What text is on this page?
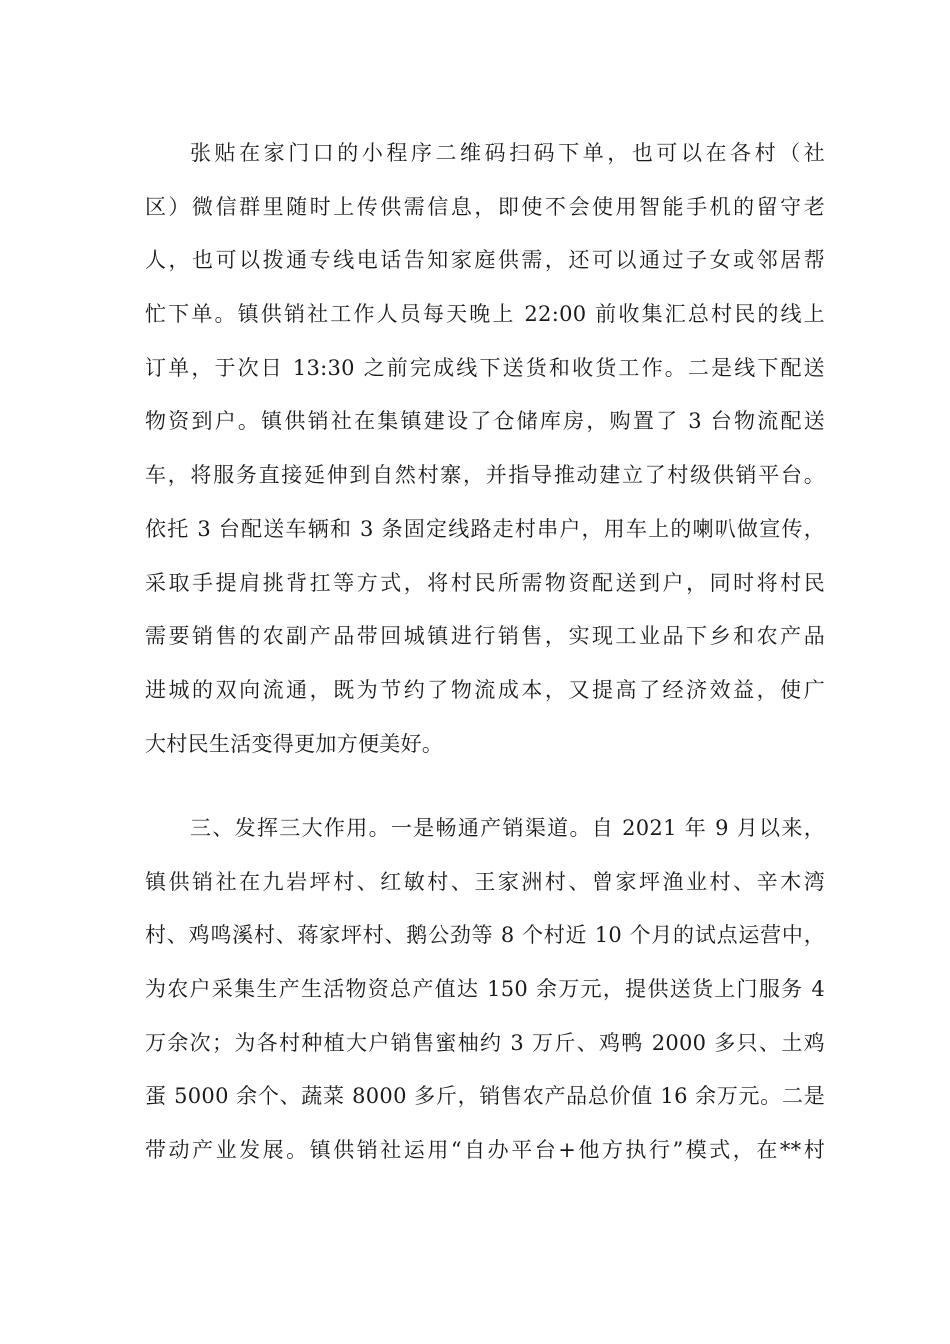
张贴在家门口的小程序二维码扫码下单，也可以在各村（社
区）微信群里随时上传供需信息，即使不会使用智能手机的留守老
人，也可以拨通专线电话告知家庭供需，还可以通过子女或邻居帮
忙下单。镇供销社工作人员每天晚上 22:00 前收集汇总村民的线上
订单，于次日 13:30 之前完成线下送货和收货工作。二是线下配送
物资到户。镇供销社在集镇建设了仓储库房，购置了 3 台物流配送
车，将服务直接延伸到自然村寨，并指导推动建立了村级供销平台。
依托 3 台配送车辆和 3 条固定线路走村串户，用车上的喇叭做宣传，
采取手提肩挑背扛等方式，将村民所需物资配送到户，同时将村民
需要销售的农副产品带回城镇进行销售，实现工业品下乡和农产品
进城的双向流通，既为节约了物流成本，又提高了经济效益，使广
大村民生活变得更加方便美好。
三、发挥三大作用。一是畅通产销渠道。自 2021 年 9 月以来，
镇供销社在九岩坪村、红敏村、王家洲村、曾家坪渔业村、辛木湾
村、鸡鸣溪村、蒋家坪村、鹅公劲等 8 个村近 10 个月的试点运营中，
为农户采集生产生活物资总产值达 150 余万元，提供送货上门服务 4
万余次；为各村种植大户销售蜜柚约 3 万斤、鸡鸭 2000 多只、土鸡
蛋 5000 余个、蔬菜 8000 多斤，销售农产品总价值 16 余万元。二是
带动产业发展。镇供销社运用“自办平台+他方执行”模式，在**村
